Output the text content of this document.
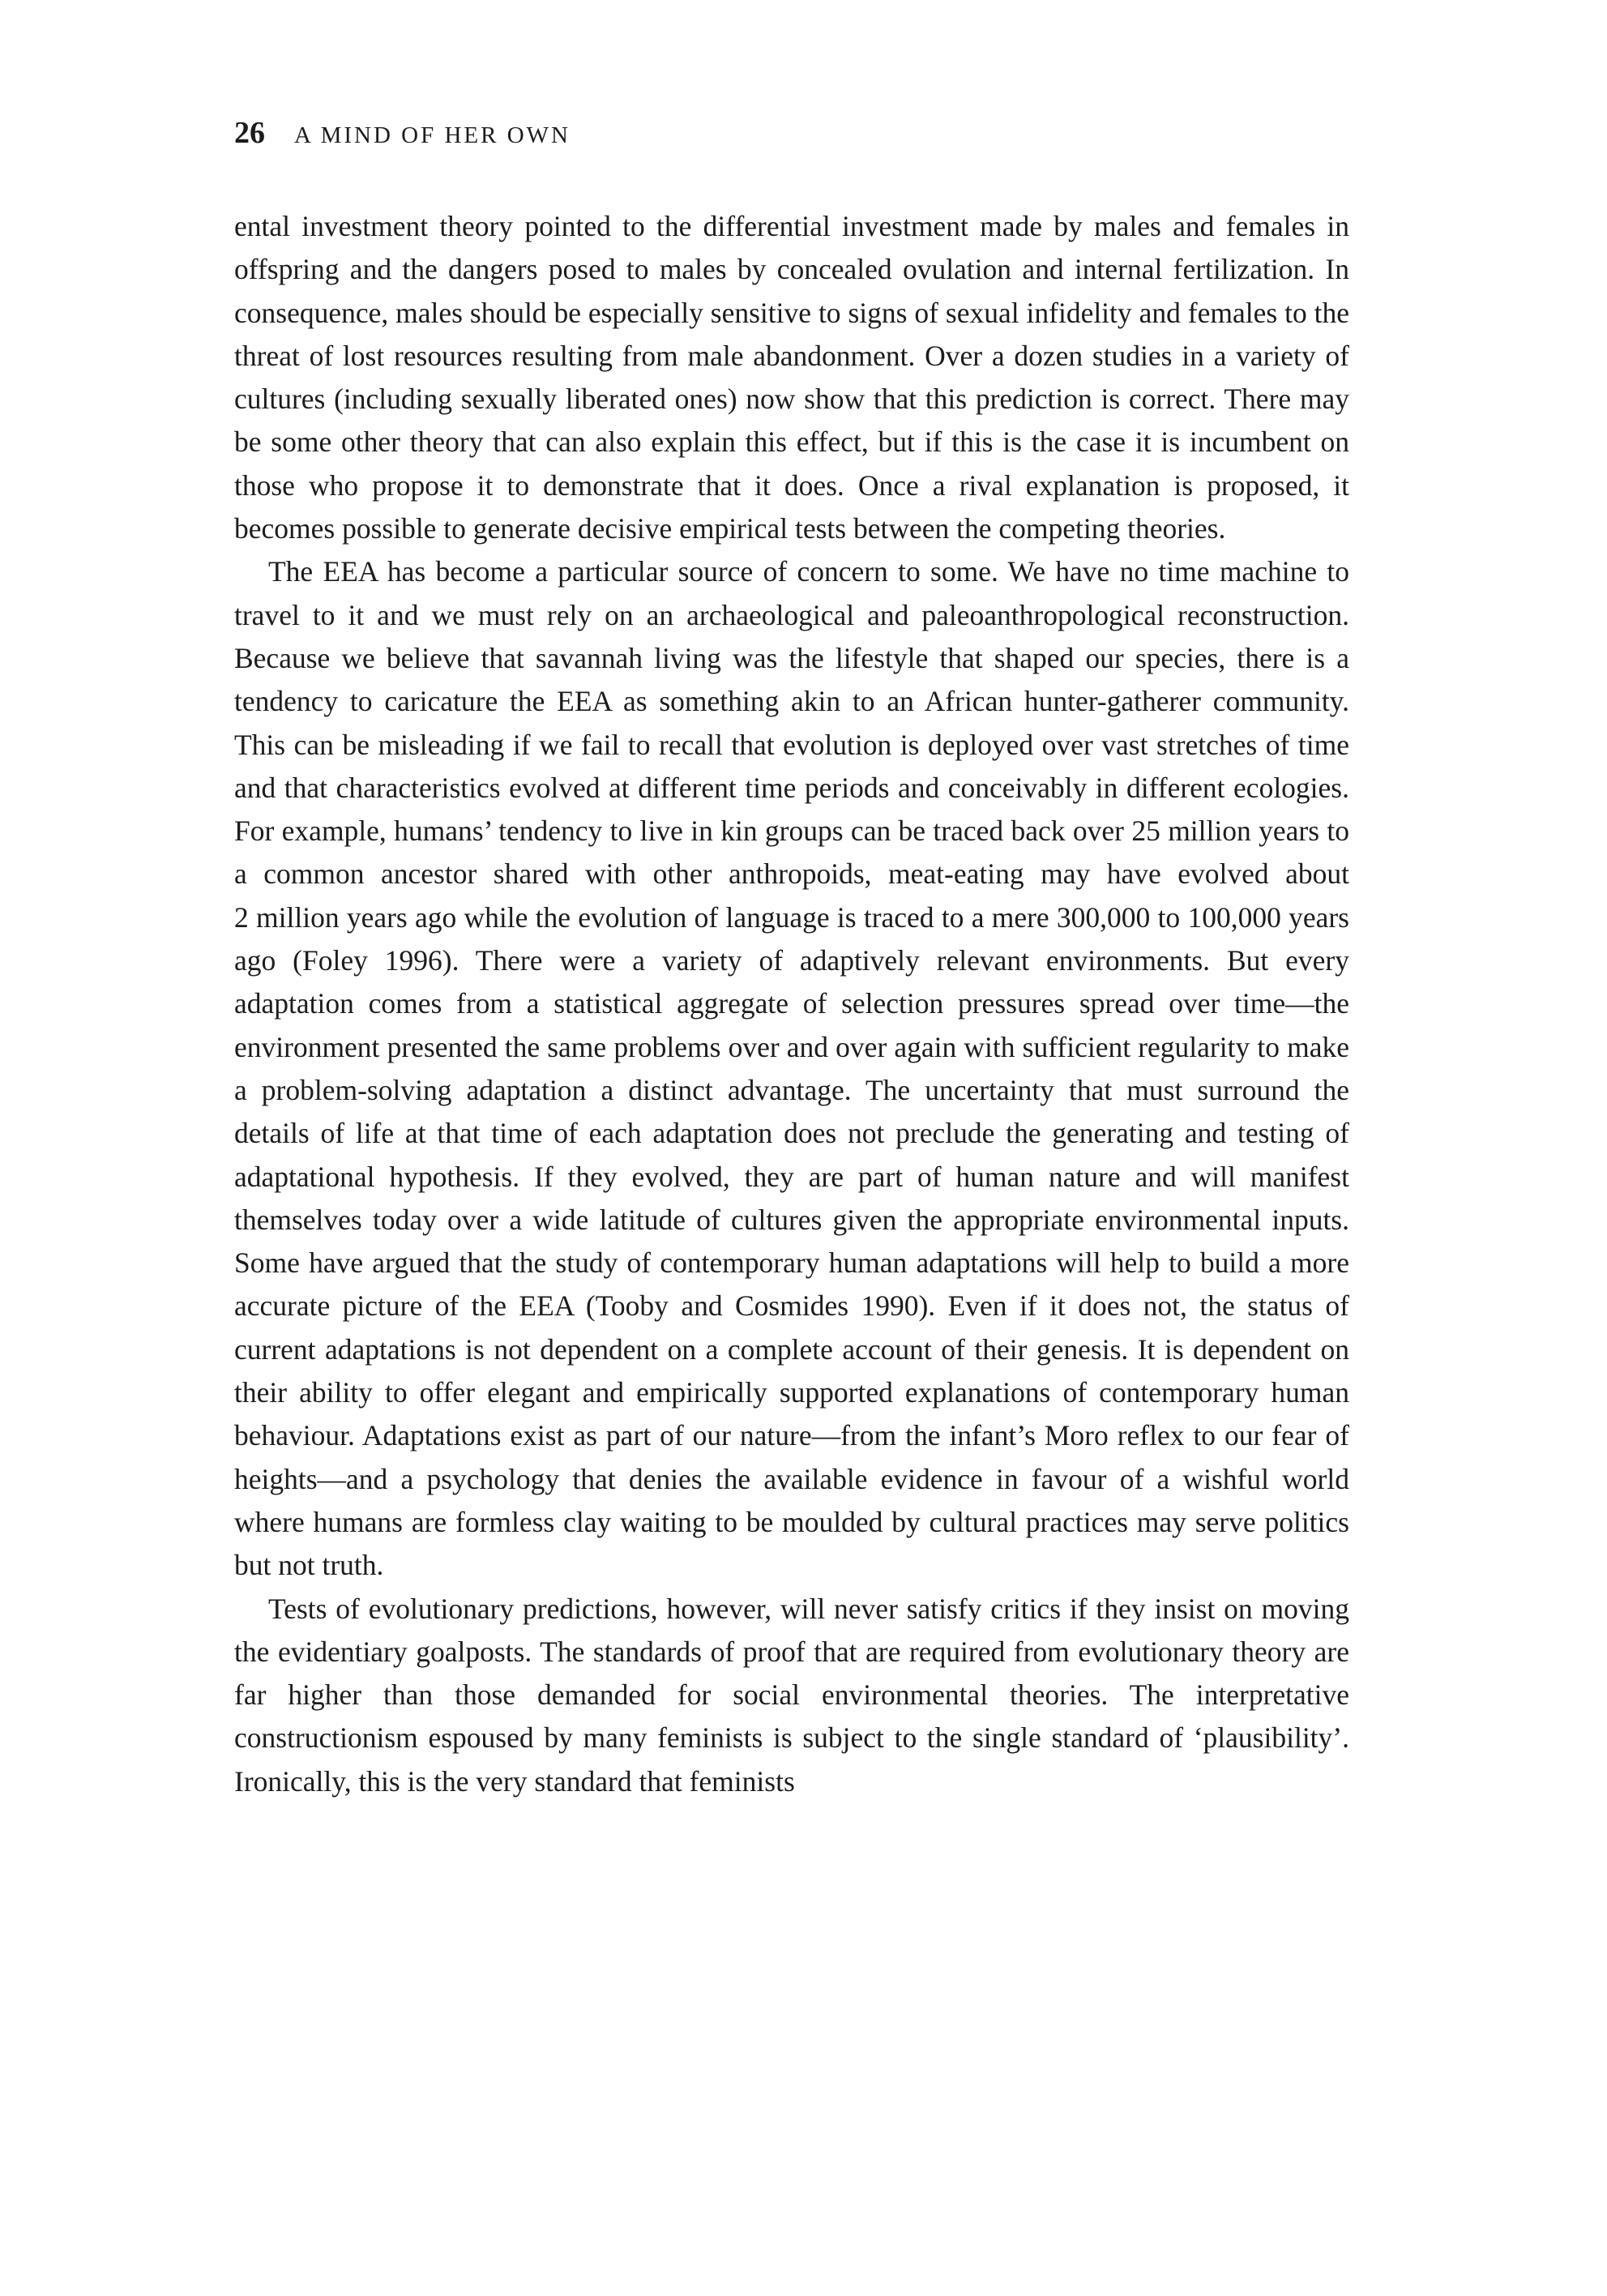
26 A MIND OF HER OWN

ental investment theory pointed to the differential investment made by males and females in offspring and the dangers posed to males by concealed ovulation and internal fertilization. In consequence, males should be especially sensitive to signs of sexual infidelity and females to the threat of lost resources resulting from male abandonment. Over a dozen studies in a variety of cultures (including sexually liberated ones) now show that this prediction is correct. There may be some other theory that can also explain this effect, but if this is the case it is incumbent on those who propose it to demonstrate that it does. Once a rival explanation is proposed, it becomes possible to generate decisive empirical tests between the competing theories.

The EEA has become a particular source of concern to some. We have no time machine to travel to it and we must rely on an archaeological and paleoanthropological reconstruction. Because we believe that savannah living was the lifestyle that shaped our species, there is a tendency to caricature the EEA as something akin to an African hunter-gatherer community. This can be misleading if we fail to recall that evolution is deployed over vast stretches of time and that characteristics evolved at different time periods and conceivably in different ecologies. For example, humans’ tendency to live in kin groups can be traced back over 25 million years to a common ancestor shared with other anthropoids, meat-eating may have evolved about 2 million years ago while the evolution of language is traced to a mere 300,000 to 100,000 years ago (Foley 1996). There were a variety of adaptively relevant environments. But every adaptation comes from a statistical aggregate of selection pressures spread over time—the environment presented the same problems over and over again with sufficient regularity to make a problem-solving adaptation a distinct advantage. The uncertainty that must surround the details of life at that time of each adaptation does not preclude the generating and testing of adaptational hypothesis. If they evolved, they are part of human nature and will manifest themselves today over a wide latitude of cultures given the appropriate environmental inputs. Some have argued that the study of contemporary human adaptations will help to build a more accurate picture of the EEA (Tooby and Cosmides 1990). Even if it does not, the status of current adaptations is not dependent on a complete account of their genesis. It is dependent on their ability to offer elegant and empirically supported explanations of contemporary human behaviour. Adaptations exist as part of our nature—from the infant’s Moro reflex to our fear of heights—and a psychology that denies the available evidence in favour of a wishful world where humans are formless clay waiting to be moulded by cultural practices may serve politics but not truth.

Tests of evolutionary predictions, however, will never satisfy critics if they insist on moving the evidentiary goalposts. The standards of proof that are required from evolutionary theory are far higher than those demanded for social environmental theories. The interpretative constructionism espoused by many feminists is subject to the single standard of ‘plausibility’. Ironically, this is the very standard that feminists
